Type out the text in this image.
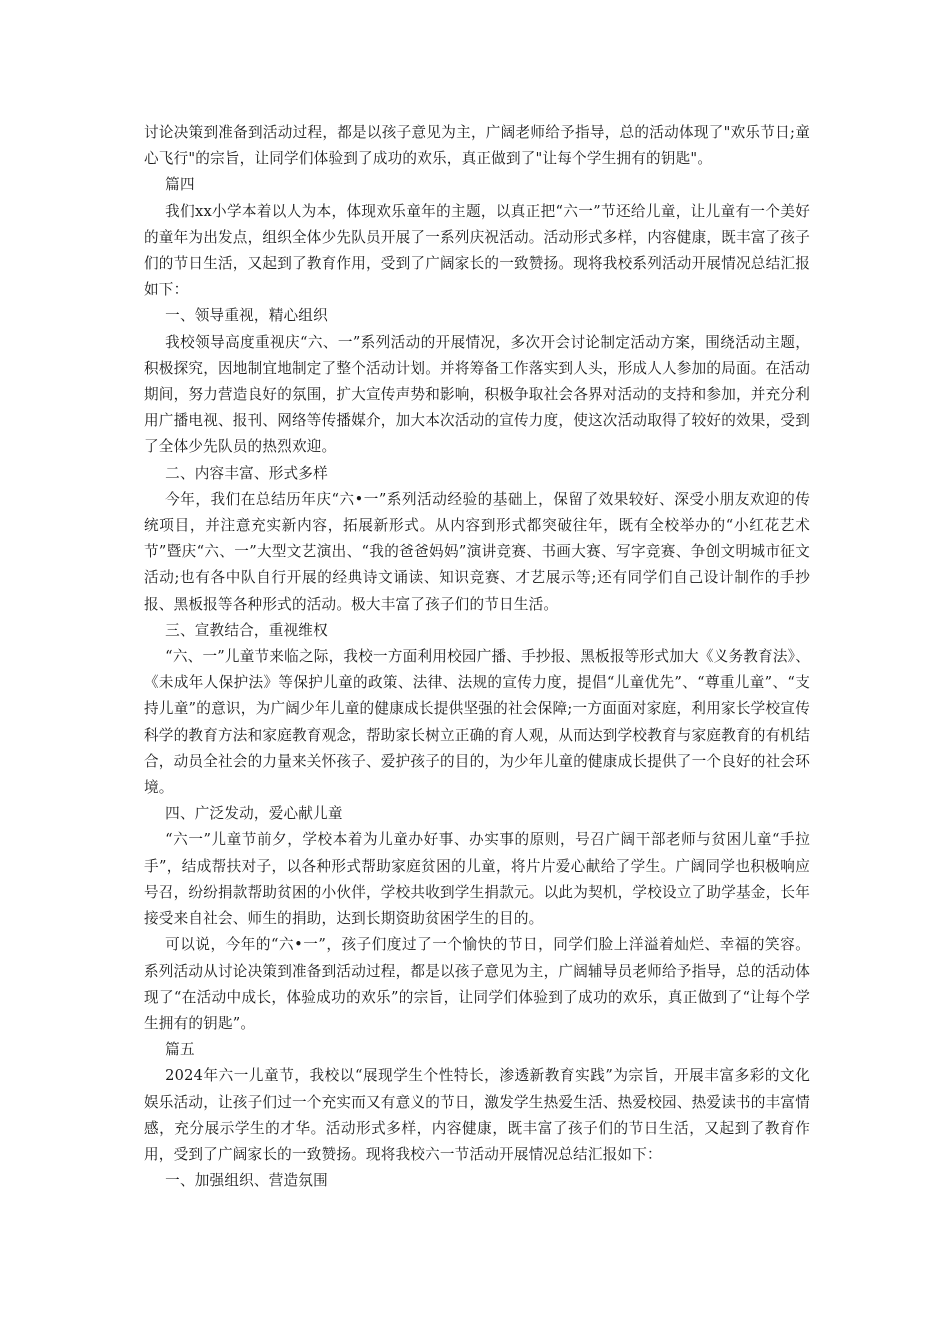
讨论决策到准备到活动过程，都是以孩子意见为主，广阔老师给予指导，总的活动体现了"欢乐节日;童心飞行"的宗旨，让同学们体验到了成功的欢乐，真正做到了"让每个学生拥有的钥匙"。

篇四

我们xx小学本着以人为本，体现欢乐童年的主题，以真正把“六一”节还给儿童，让儿童有一个美好的童年为出发点，组织全体少先队员开展了一系列庆祝活动。活动形式多样，内容健康，既丰富了孩子们的节日生活，又起到了教育作用，受到了广阔家长的一致赞扬。现将我校系列活动开展情况总结汇报如下：

一、领导重视，精心组织

我校领导高度重视庆“六、一”系列活动的开展情况，多次开会讨论制定活动方案，围绕活动主题，积极探究，因地制宜地制定了整个活动计划。并将筹备工作落实到人头，形成人人参加的局面。在活动期间，努力营造良好的氛围，扩大宣传声势和影响，积极争取社会各界对活动的支持和参加，并充分利用广播电视、报刊、网络等传播媒介，加大本次活动的宣传力度，使这次活动取得了较好的效果，受到了全体少先队员的热烈欢迎。

二、内容丰富、形式多样

今年，我们在总结历年庆“六•一”系列活动经验的基础上，保留了效果较好、深受小朋友欢迎的传统项目，并注意充实新内容，拓展新形式。从内容到形式都突破往年，既有全校举办的“小红花艺术节”暨庆“六、一”大型文艺演出、“我的爸爸妈妈”演讲竞赛、书画大赛、写字竞赛、争创文明城市征文活动;也有各中队自行开展的经典诗文诵读、知识竞赛、才艺展示等;还有同学们自己设计制作的手抄报、黑板报等各种形式的活动。极大丰富了孩子们的节日生活。

三、宣教结合，重视维权

“六、一”儿童节来临之际，我校一方面利用校园广播、手抄报、黑板报等形式加大《义务教育法》、《未成年人保护法》等保护儿童的政策、法律、法规的宣传力度，提倡“儿童优先”、“尊重儿童”、“支持儿童”的意识，为广阔少年儿童的健康成长提供坚强的社会保障;一方面面对家庭，利用家长学校宣传科学的教育方法和家庭教育观念，帮助家长树立正确的育人观，从而达到学校教育与家庭教育的有机结合，动员全社会的力量来关怀孩子、爱护孩子的目的，为少年儿童的健康成长提供了一个良好的社会环境。

四、广泛发动，爱心献儿童

“六一”儿童节前夕，学校本着为儿童办好事、办实事的原则，号召广阔干部老师与贫困儿童“手拉手”，结成帮扶对子，以各种形式帮助家庭贫困的儿童，将片片爱心献给了学生。广阔同学也积极响应号召，纷纷捐款帮助贫困的小伙伴，学校共收到学生捐款元。以此为契机，学校设立了助学基金，长年接受来自社会、师生的捐助，达到长期资助贫困学生的目的。

可以说，今年的“六•一”，孩子们度过了一个愉快的节日，同学们脸上洋溢着灿烂、幸福的笑容。系列活动从讨论决策到准备到活动过程，都是以孩子意见为主，广阔辅导员老师给予指导，总的活动体现了“在活动中成长，体验成功的欢乐”的宗旨，让同学们体验到了成功的欢乐，真正做到了“让每个学生拥有的钥匙”。

篇五

2024年六一儿童节，我校以“展现学生个性特长，渗透新教育实践”为宗旨，开展丰富多彩的文化娱乐活动，让孩子们过一个充实而又有意义的节日，激发学生热爱生活、热爱校园、热爱读书的丰富情感，充分展示学生的才华。活动形式多样，内容健康，既丰富了孩子们的节日生活，又起到了教育作用，受到了广阔家长的一致赞扬。现将我校六一节活动开展情况总结汇报如下：

一、加强组织、营造氛围
